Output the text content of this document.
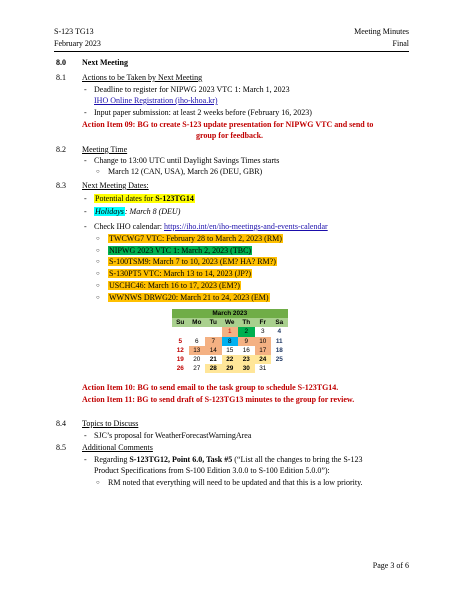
S-123 TG13
February 2023
Meeting Minutes
Final
8.0 Next Meeting
8.1 Actions to be Taken by Next Meeting
- Deadline to register for NIPWG 2023 VTC 1: March 1, 2023
IHO Online Registration (iho-khoa.kr)
- Input paper submission: at least 2 weeks before (February 16, 2023)
Action Item 09: BG to create S-123 update presentation for NIPWG VTC and send to
group for feedback.
8.2 Meeting Time
- Change to 13:00 UTC until Daylight Savings Times starts
○ March 12 (CAN, USA), March 26 (DEU, GBR)
8.3 Next Meeting Dates:
- Potential dates for S-123TG14
- Holidays: March 8 (DEU)
- Check IHO calendar: https://iho.int/en/iho-meetings-and-events-calendar
○ TWCWG7 VTC: February 28 to March 2, 2023 (RM)
○ NIPWG 2023 VTC 1: March 2, 2023 (TBC)
○ S-100TSM9: March 7 to 10, 2023 (EM? HA? RM?)
○ S-130PT5 VTC: March 13 to 14, 2023 (JP?)
○ USCHC46: March 16 to 17, 2023 (EM?)
○ WWNWS DRWG20: March 21 to 24, 2023 (EM)
March 2023						
Su	Mo	Tu	We	Th	Fr	Sa
			1	2	3	4
5	6	7	8	9	10	11
12	13	14	15	16	17	18
19	20	21	22	23	24	25
26	27	28	29	30	31	
Action Item 10: BG to send email to the task group to schedule S-123TG14.
Action Item 11: BG to send draft of S-123TG13 minutes to the group for review.
8.4 Topics to Discuss
- SJC’s proposal for WeatherForecastWarningArea
8.5 Additional Comments
- Regarding S-123TG12, Point 6.0, Task #5 (“List all the changes to bring the S-123
Product Specifications from S-100 Edition 3.0.0 to S-100 Edition 5.0.0”):
○ RM noted that everything will need to be updated and that this is a low priority.
Page 3 of 6
